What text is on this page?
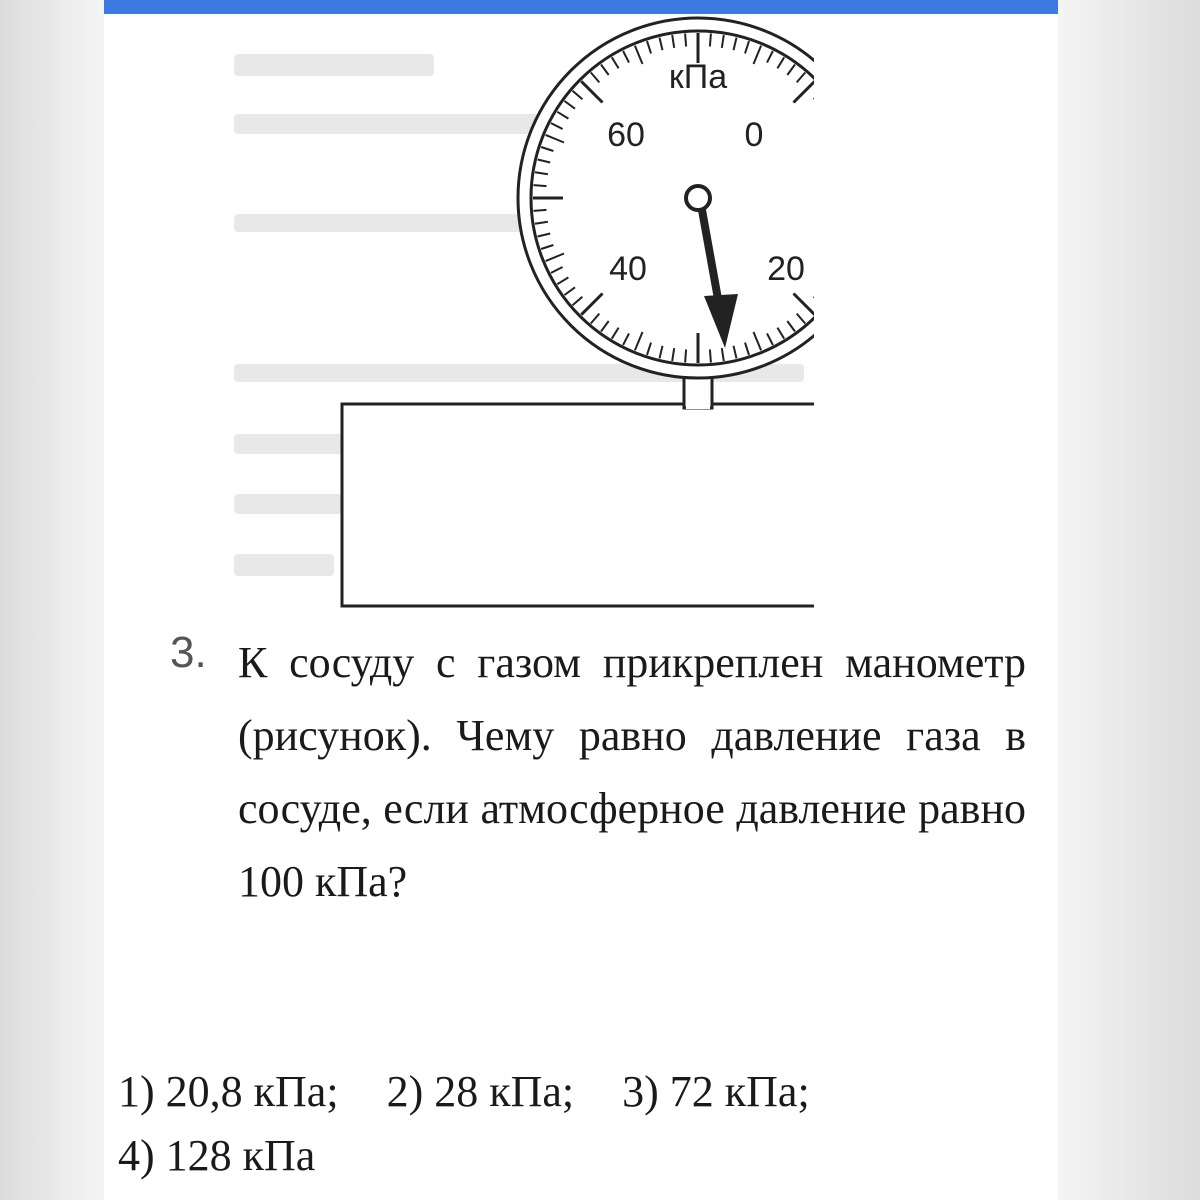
кПа
60	0
40	20
3. К сосуду с газом прикреплен манометр (рисунок). Чему равно давление газа в сосуде, если атмосферное давление равно 100 кПа?
1) 20,8 кПа; 2) 28 кПа; 3) 72 кПа;
4) 128 кПа
